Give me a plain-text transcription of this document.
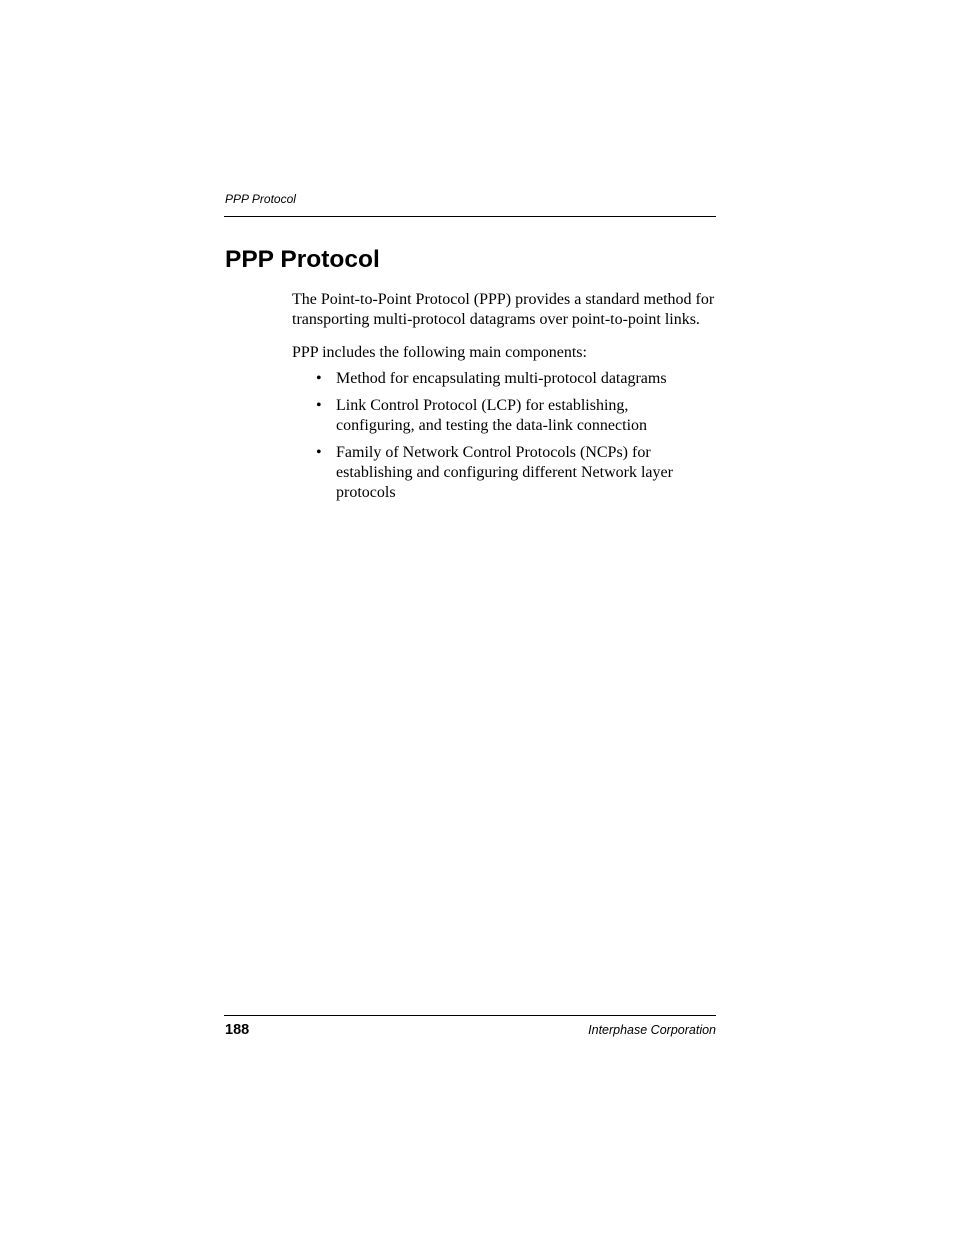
PPP Protocol
PPP Protocol

The Point-to-Point Protocol (PPP) provides a standard method for transporting multi-protocol datagrams over point-to-point links.

PPP includes the following main components:

• Method for encapsulating multi-protocol datagrams
• Link Control Protocol (LCP) for establishing, configuring, and testing the data-link connection
• Family of Network Control Protocols (NCPs) for establishing and configuring different Network layer protocols
188	Interphase Corporation
